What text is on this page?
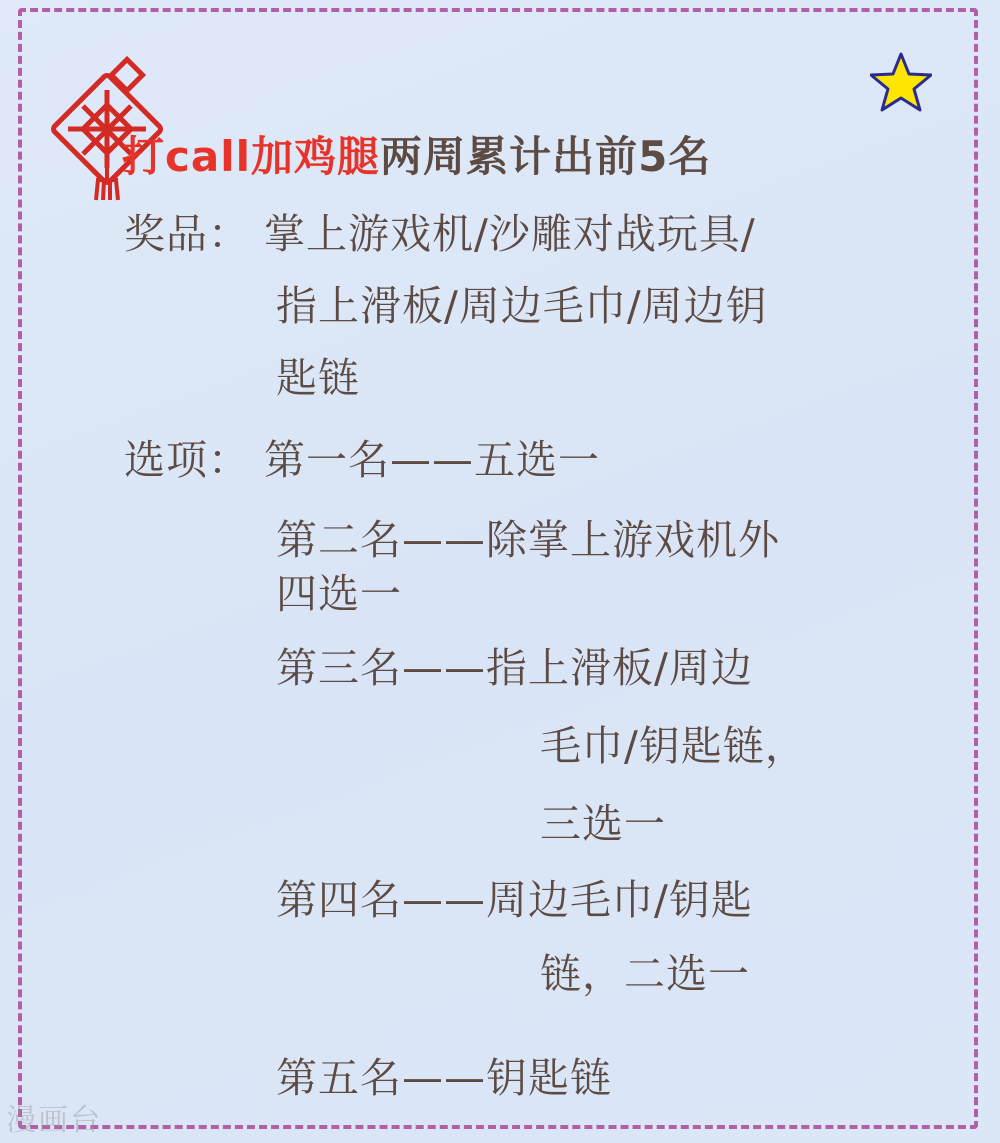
打call加鸡腿两周累计出前5名
奖品： 掌上游戏机/沙雕对战玩具/
指上滑板/周边毛巾/周边钥
匙链
选项： 第一名——五选一
第二名——除掌上游戏机外
四选一
第三名——指上滑板/周边
毛巾/钥匙链，
三选一
第四名——周边毛巾/钥匙
链，二选一
第五名——钥匙链
漫画台
